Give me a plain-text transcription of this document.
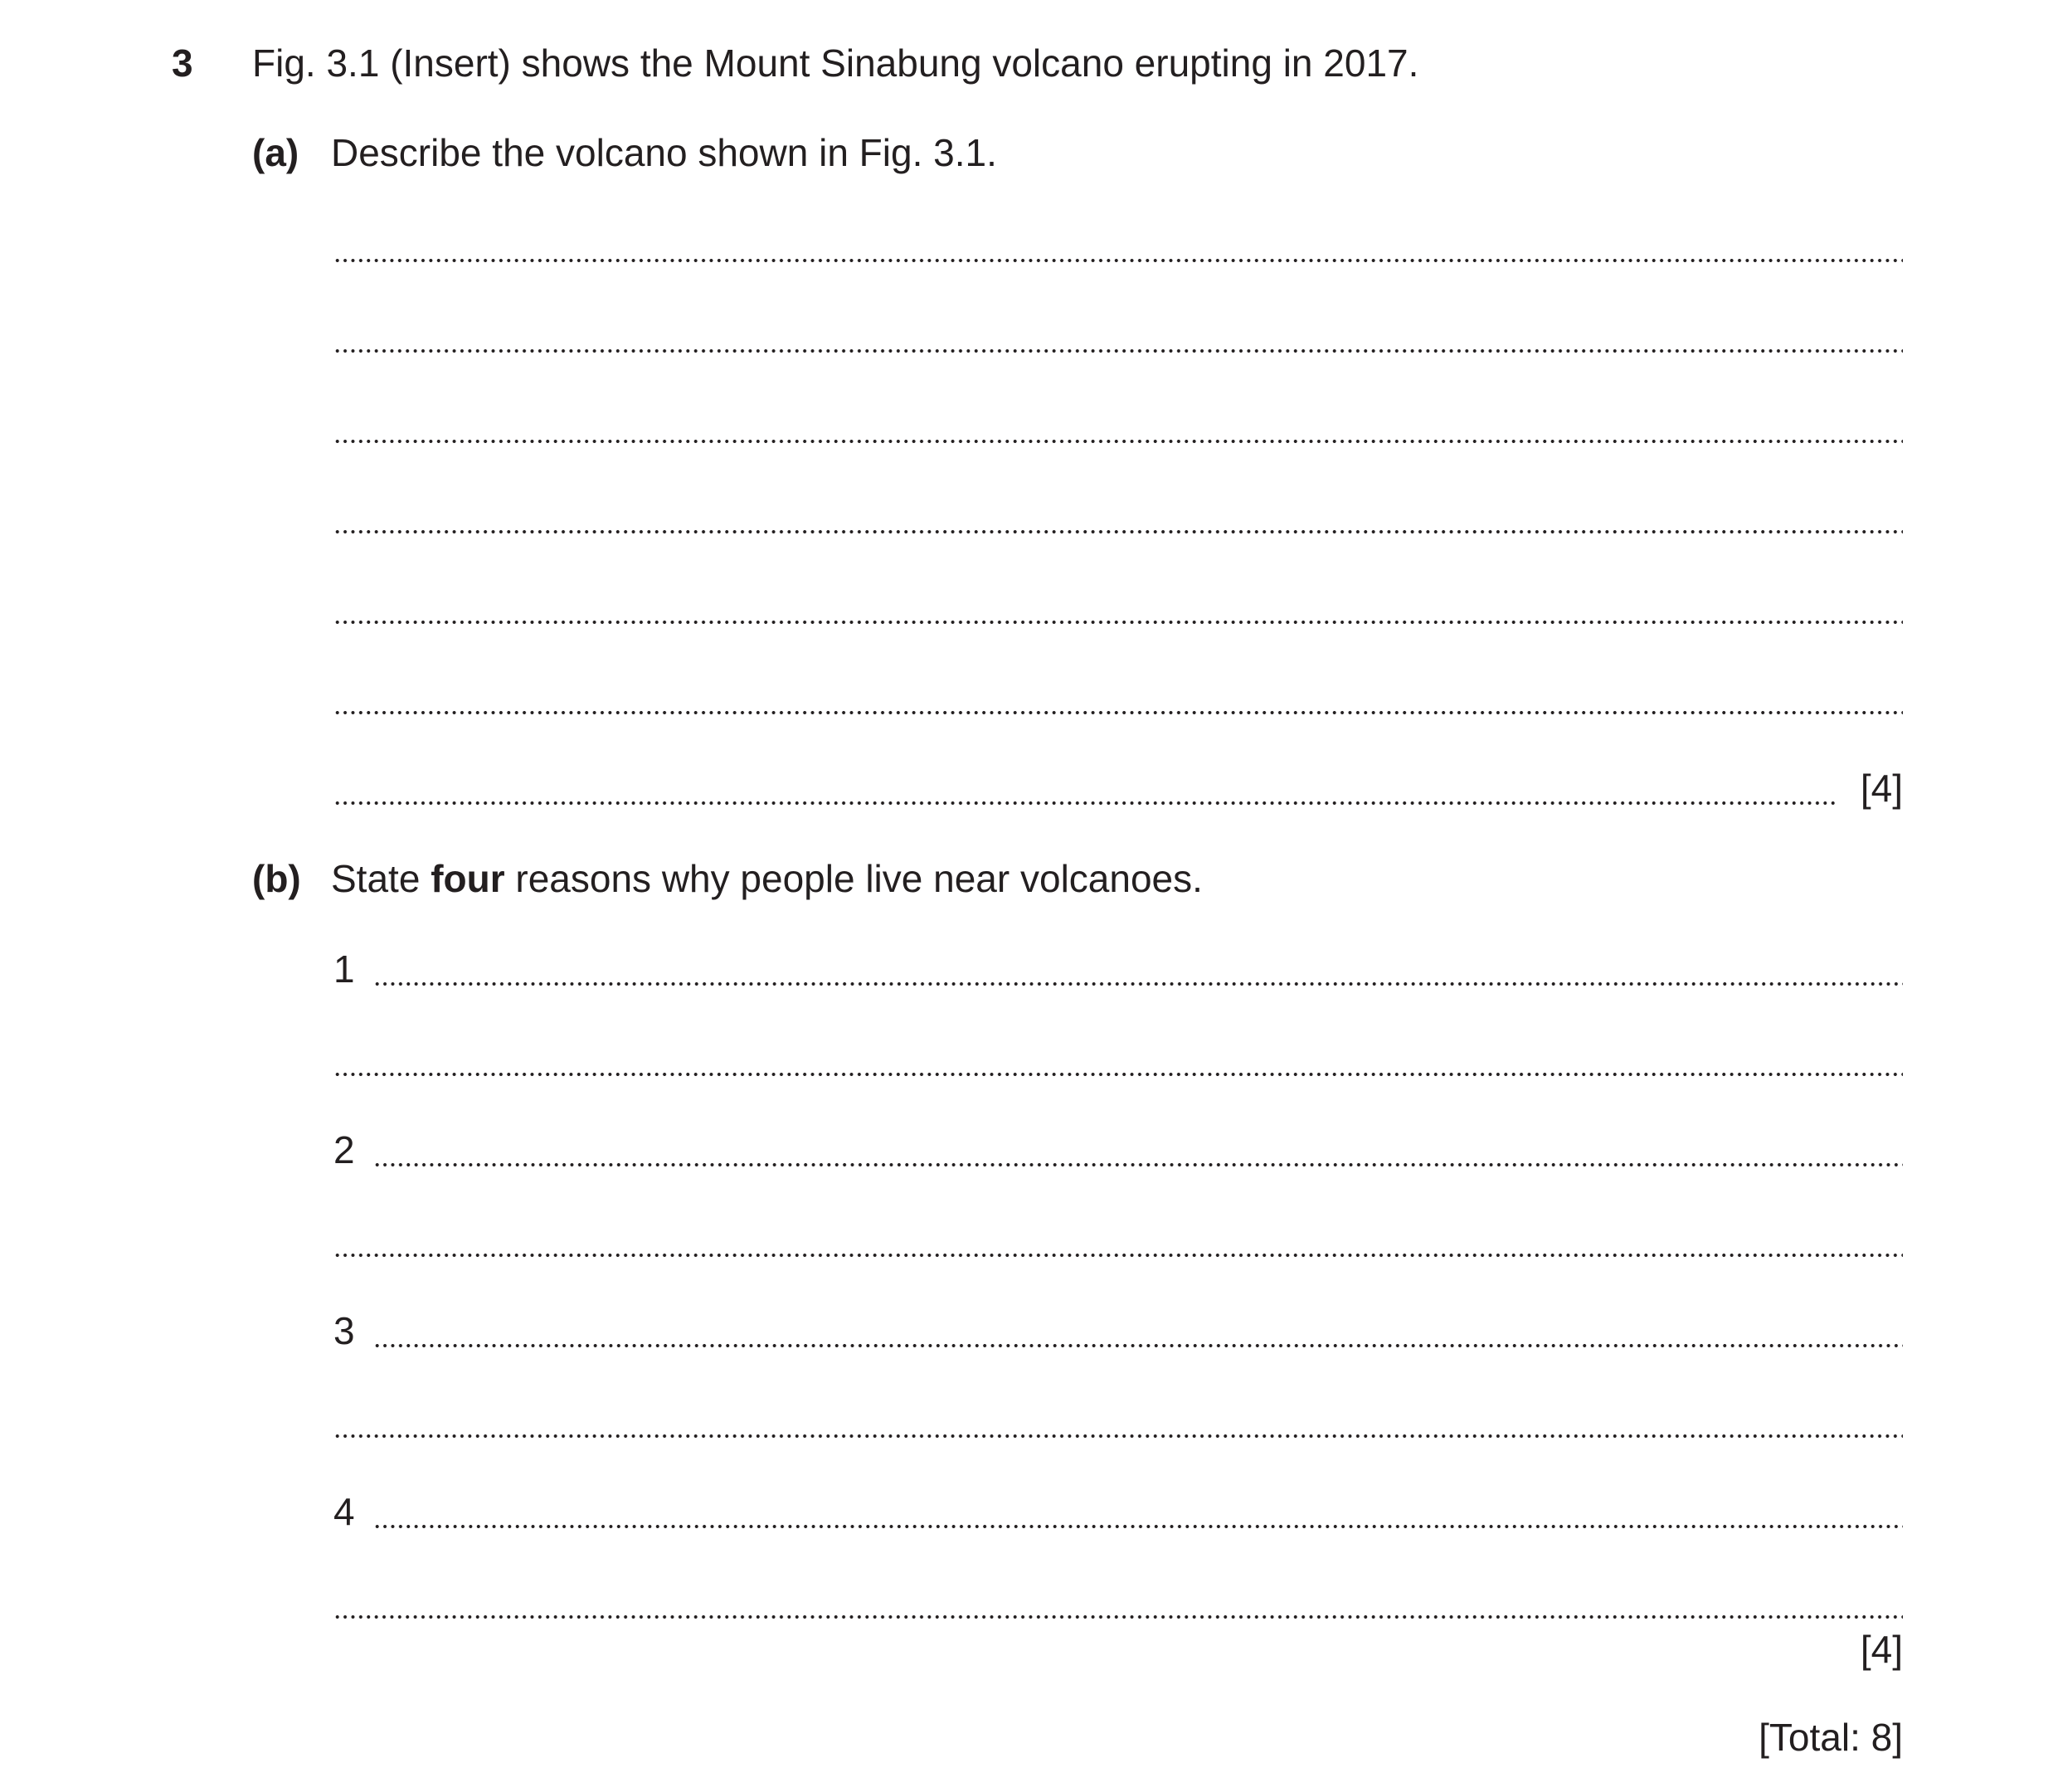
3 Fig. 3.1 (Insert) shows the Mount Sinabung volcano erupting in 2017.
(a) Describe the volcano shown in Fig. 3.1.
[4]
(b) State four reasons why people live near volcanoes.
1
2
3
4
[4]
[Total: 8]
